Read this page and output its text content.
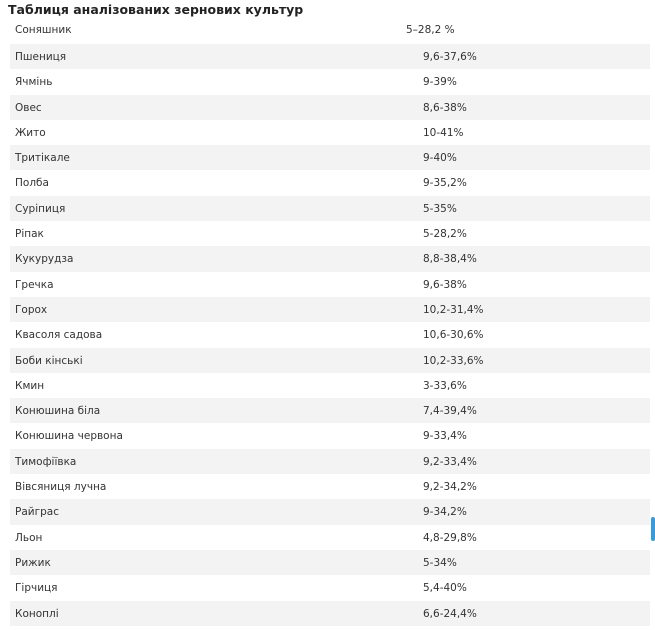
Таблиця аналізованих зернових культур
Соняшник	5–28,2 %
Пшениця	9,6-37,6%
Ячмінь	9-39%
Овес	8,6-38%
Жито	10-41%
Тритікале	9-40%
Полба	9-35,2%
Суріпиця	5-35%
Ріпак	5-28,2%
Кукурудза	8,8-38,4%
Гречка	9,6-38%
Горох	10,2-31,4%
Квасоля садова	10,6-30,6%
Боби кінські	10,2-33,6%
Кмин	3-33,6%
Конюшина біла	7,4-39,4%
Конюшина червона	9-33,4%
Тимофіївка	9,2-33,4%
Вівсяниця лучна	9,2-34,2%
Райграс	9-34,2%
Льон	4,8-29,8%
Рижик	5-34%
Гірчиця	5,4-40%
Коноплі	6,6-24,4%
